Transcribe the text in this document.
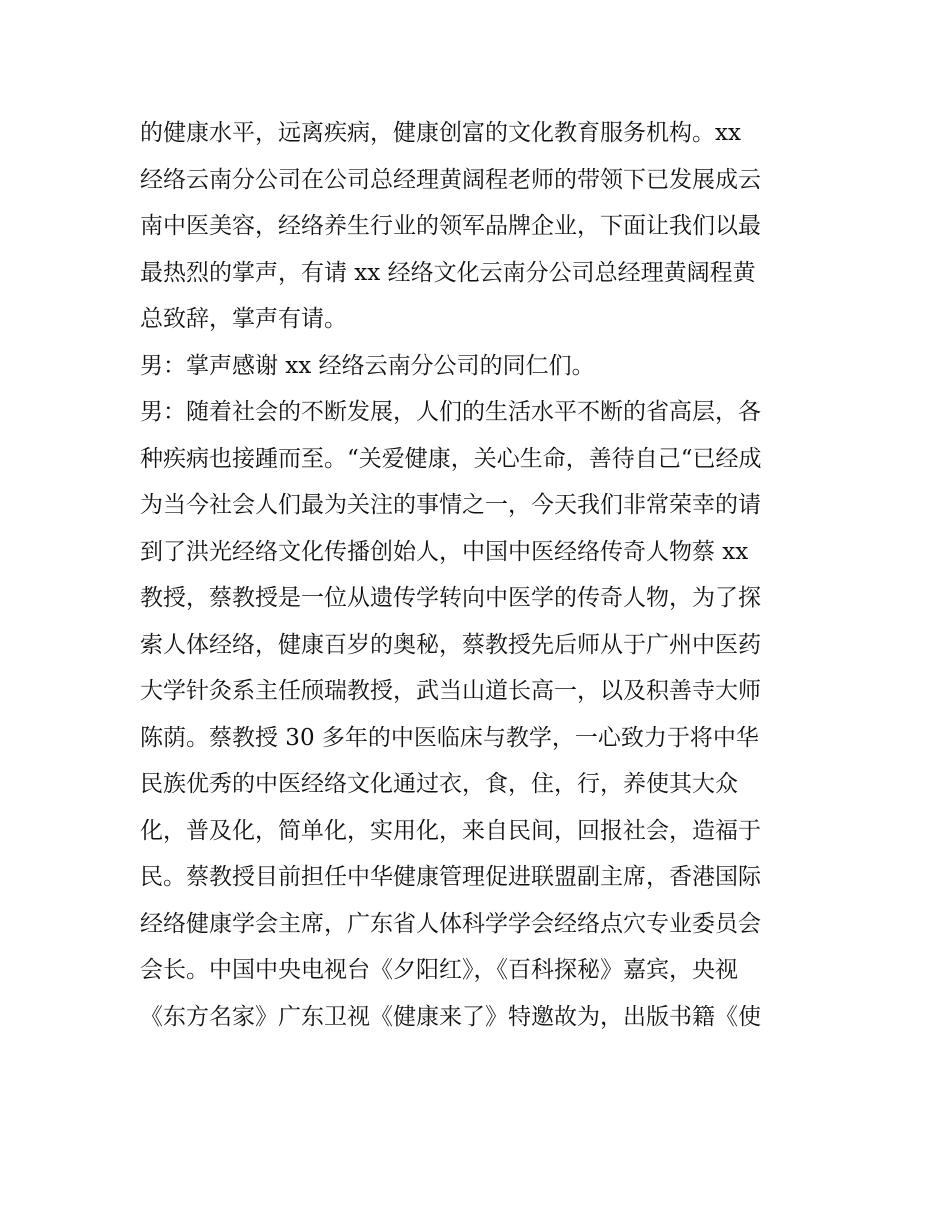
的健康水平，远离疾病，健康创富的文化教育服务机构。xx
经络云南分公司在公司总经理黄阔程老师的带领下已发展成云
南中医美容，经络养生行业的领军品牌企业，下面让我们以最
最热烈的掌声，有请 xx 经络文化云南分公司总经理黄阔程黄
总致辞，掌声有请。
男：掌声感谢 xx 经络云南分公司的同仁们。
男：随着社会的不断发展，人们的生活水平不断的省高层，各
种疾病也接踵而至。“关爱健康，关心生命，善待自己“已经成
为当今社会人们最为关注的事情之一，今天我们非常荣幸的请
到了洪光经络文化传播创始人，中国中医经络传奇人物蔡 xx
教授，蔡教授是一位从遗传学转向中医学的传奇人物，为了探
索人体经络，健康百岁的奥秘，蔡教授先后师从于广州中医药
大学针灸系主任颀瑞教授，武当山道长高一，以及积善寺大师
陈荫。蔡教授 30 多年的中医临床与教学，一心致力于将中华
民族优秀的中医经络文化通过衣，食，住，行，养使其大众
化，普及化，简单化，实用化，来自民间，回报社会，造福于
民。蔡教授目前担任中华健康管理促进联盟副主席，香港国际
经络健康学会主席，广东省人体科学学会经络点穴专业委员会
会长。中国中央电视台《夕阳红》，《百科探秘》嘉宾，央视
《东方名家》广东卫视《健康来了》特邀故为，出版书籍《使
